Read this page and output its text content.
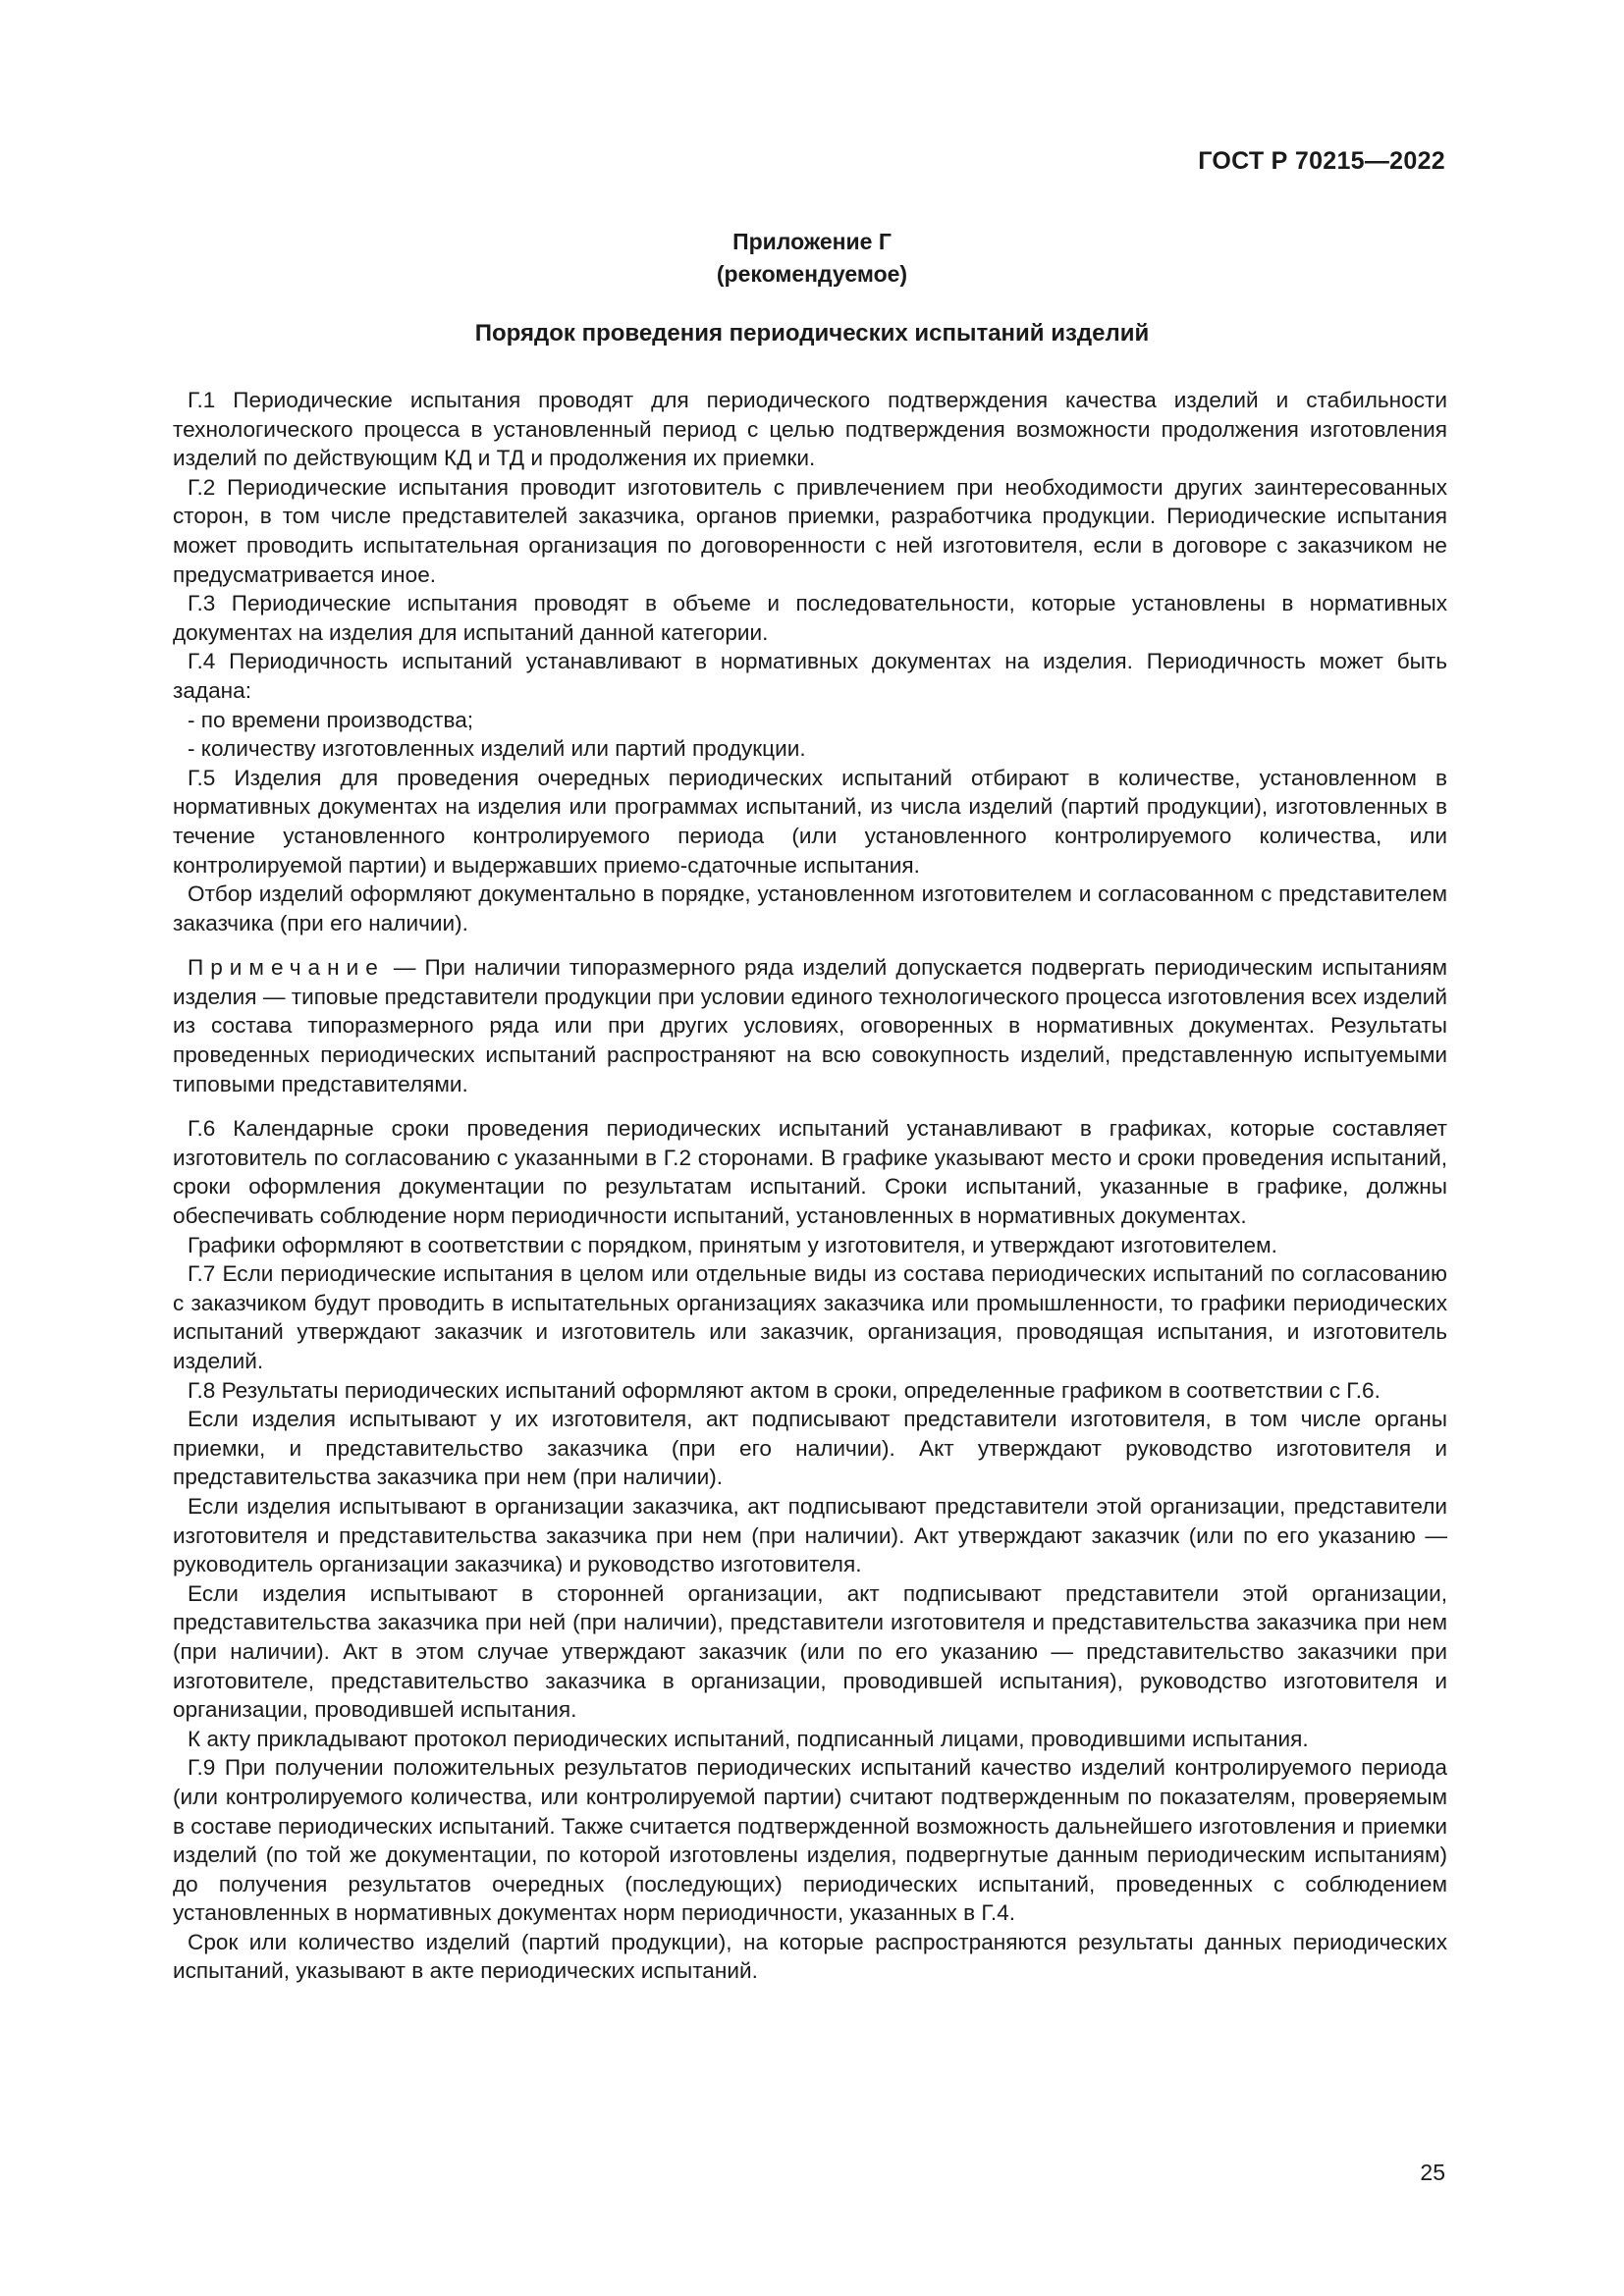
ГОСТ Р 70215—2022
Приложение Г
(рекомендуемое)
Порядок проведения периодических испытаний изделий

Г.1 Периодические испытания проводят для периодического подтверждения качества изделий и стабильности технологического процесса в установленный период с целью подтверждения возможности продолжения изготовления изделий по действующим КД и ТД и продолжения их приемки.

Г.2 Периодические испытания проводит изготовитель с привлечением при необходимости других заинтересованных сторон, в том числе представителей заказчика, органов приемки, разработчика продукции. Периодические испытания может проводить испытательная организация по договоренности с ней изготовителя, если в договоре с заказчиком не предусматривается иное.

Г.3 Периодические испытания проводят в объеме и последовательности, которые установлены в нормативных документах на изделия для испытаний данной категории.

Г.4 Периодичность испытаний устанавливают в нормативных документах на изделия. Периодичность может быть задана:

- по времени производства;

- количеству изготовленных изделий или партий продукции.

Г.5 Изделия для проведения очередных периодических испытаний отбирают в количестве, установленном в нормативных документах на изделия или программах испытаний, из числа изделий (партий продукции), изготовленных в течение установленного контролируемого периода (или установленного контролируемого количества, или контролируемой партии) и выдержавших приемо-сдаточные испытания.

Отбор изделий оформляют документально в порядке, установленном изготовителем и согласованном с представителем заказчика (при его наличии).

Примечание — При наличии типоразмерного ряда изделий допускается подвергать периодическим испытаниям изделия — типовые представители продукции при условии единого технологического процесса изготовления всех изделий из состава типоразмерного ряда или при других условиях, оговоренных в нормативных документах. Результаты проведенных периодических испытаний распространяют на всю совокупность изделий, представленную испытуемыми типовыми представителями.

Г.6 Календарные сроки проведения периодических испытаний устанавливают в графиках, которые составляет изготовитель по согласованию с указанными в Г.2 сторонами. В графике указывают место и сроки проведения испытаний, сроки оформления документации по результатам испытаний. Сроки испытаний, указанные в графике, должны обеспечивать соблюдение норм периодичности испытаний, установленных в нормативных документах.

Графики оформляют в соответствии с порядком, принятым у изготовителя, и утверждают изготовителем.

Г.7 Если периодические испытания в целом или отдельные виды из состава периодических испытаний по согласованию с заказчиком будут проводить в испытательных организациях заказчика или промышленности, то графики периодических испытаний утверждают заказчик и изготовитель или заказчик, организация, проводящая испытания, и изготовитель изделий.

Г.8 Результаты периодических испытаний оформляют актом в сроки, определенные графиком в соответствии с Г.6.

Если изделия испытывают у их изготовителя, акт подписывают представители изготовителя, в том числе органы приемки, и представительство заказчика (при его наличии). Акт утверждают руководство изготовителя и представительства заказчика при нем (при наличии).

Если изделия испытывают в организации заказчика, акт подписывают представители этой организации, представители изготовителя и представительства заказчика при нем (при наличии). Акт утверждают заказчик (или по его указанию — руководитель организации заказчика) и руководство изготовителя.

Если изделия испытывают в сторонней организации, акт подписывают представители этой организации, представительства заказчика при ней (при наличии), представители изготовителя и представительства заказчика при нем (при наличии). Акт в этом случае утверждают заказчик (или по его указанию — представительство заказчики при изготовителе, представительство заказчика в организации, проводившей испытания), руководство изготовителя и организации, проводившей испытания.

К акту прикладывают протокол периодических испытаний, подписанный лицами, проводившими испытания.

Г.9 При получении положительных результатов периодических испытаний качество изделий контролируемого периода (или контролируемого количества, или контролируемой партии) считают подтвержденным по показателям, проверяемым в составе периодических испытаний. Также считается подтвержденной возможность дальнейшего изготовления и приемки изделий (по той же документации, по которой изготовлены изделия, подвергнутые данным периодическим испытаниям) до получения результатов очередных (последующих) периодических испытаний, проведенных с соблюдением установленных в нормативных документах норм периодичности, указанных в Г.4.

Срок или количество изделий (партий продукции), на которые распространяются результаты данных периодических испытаний, указывают в акте периодических испытаний.

25
